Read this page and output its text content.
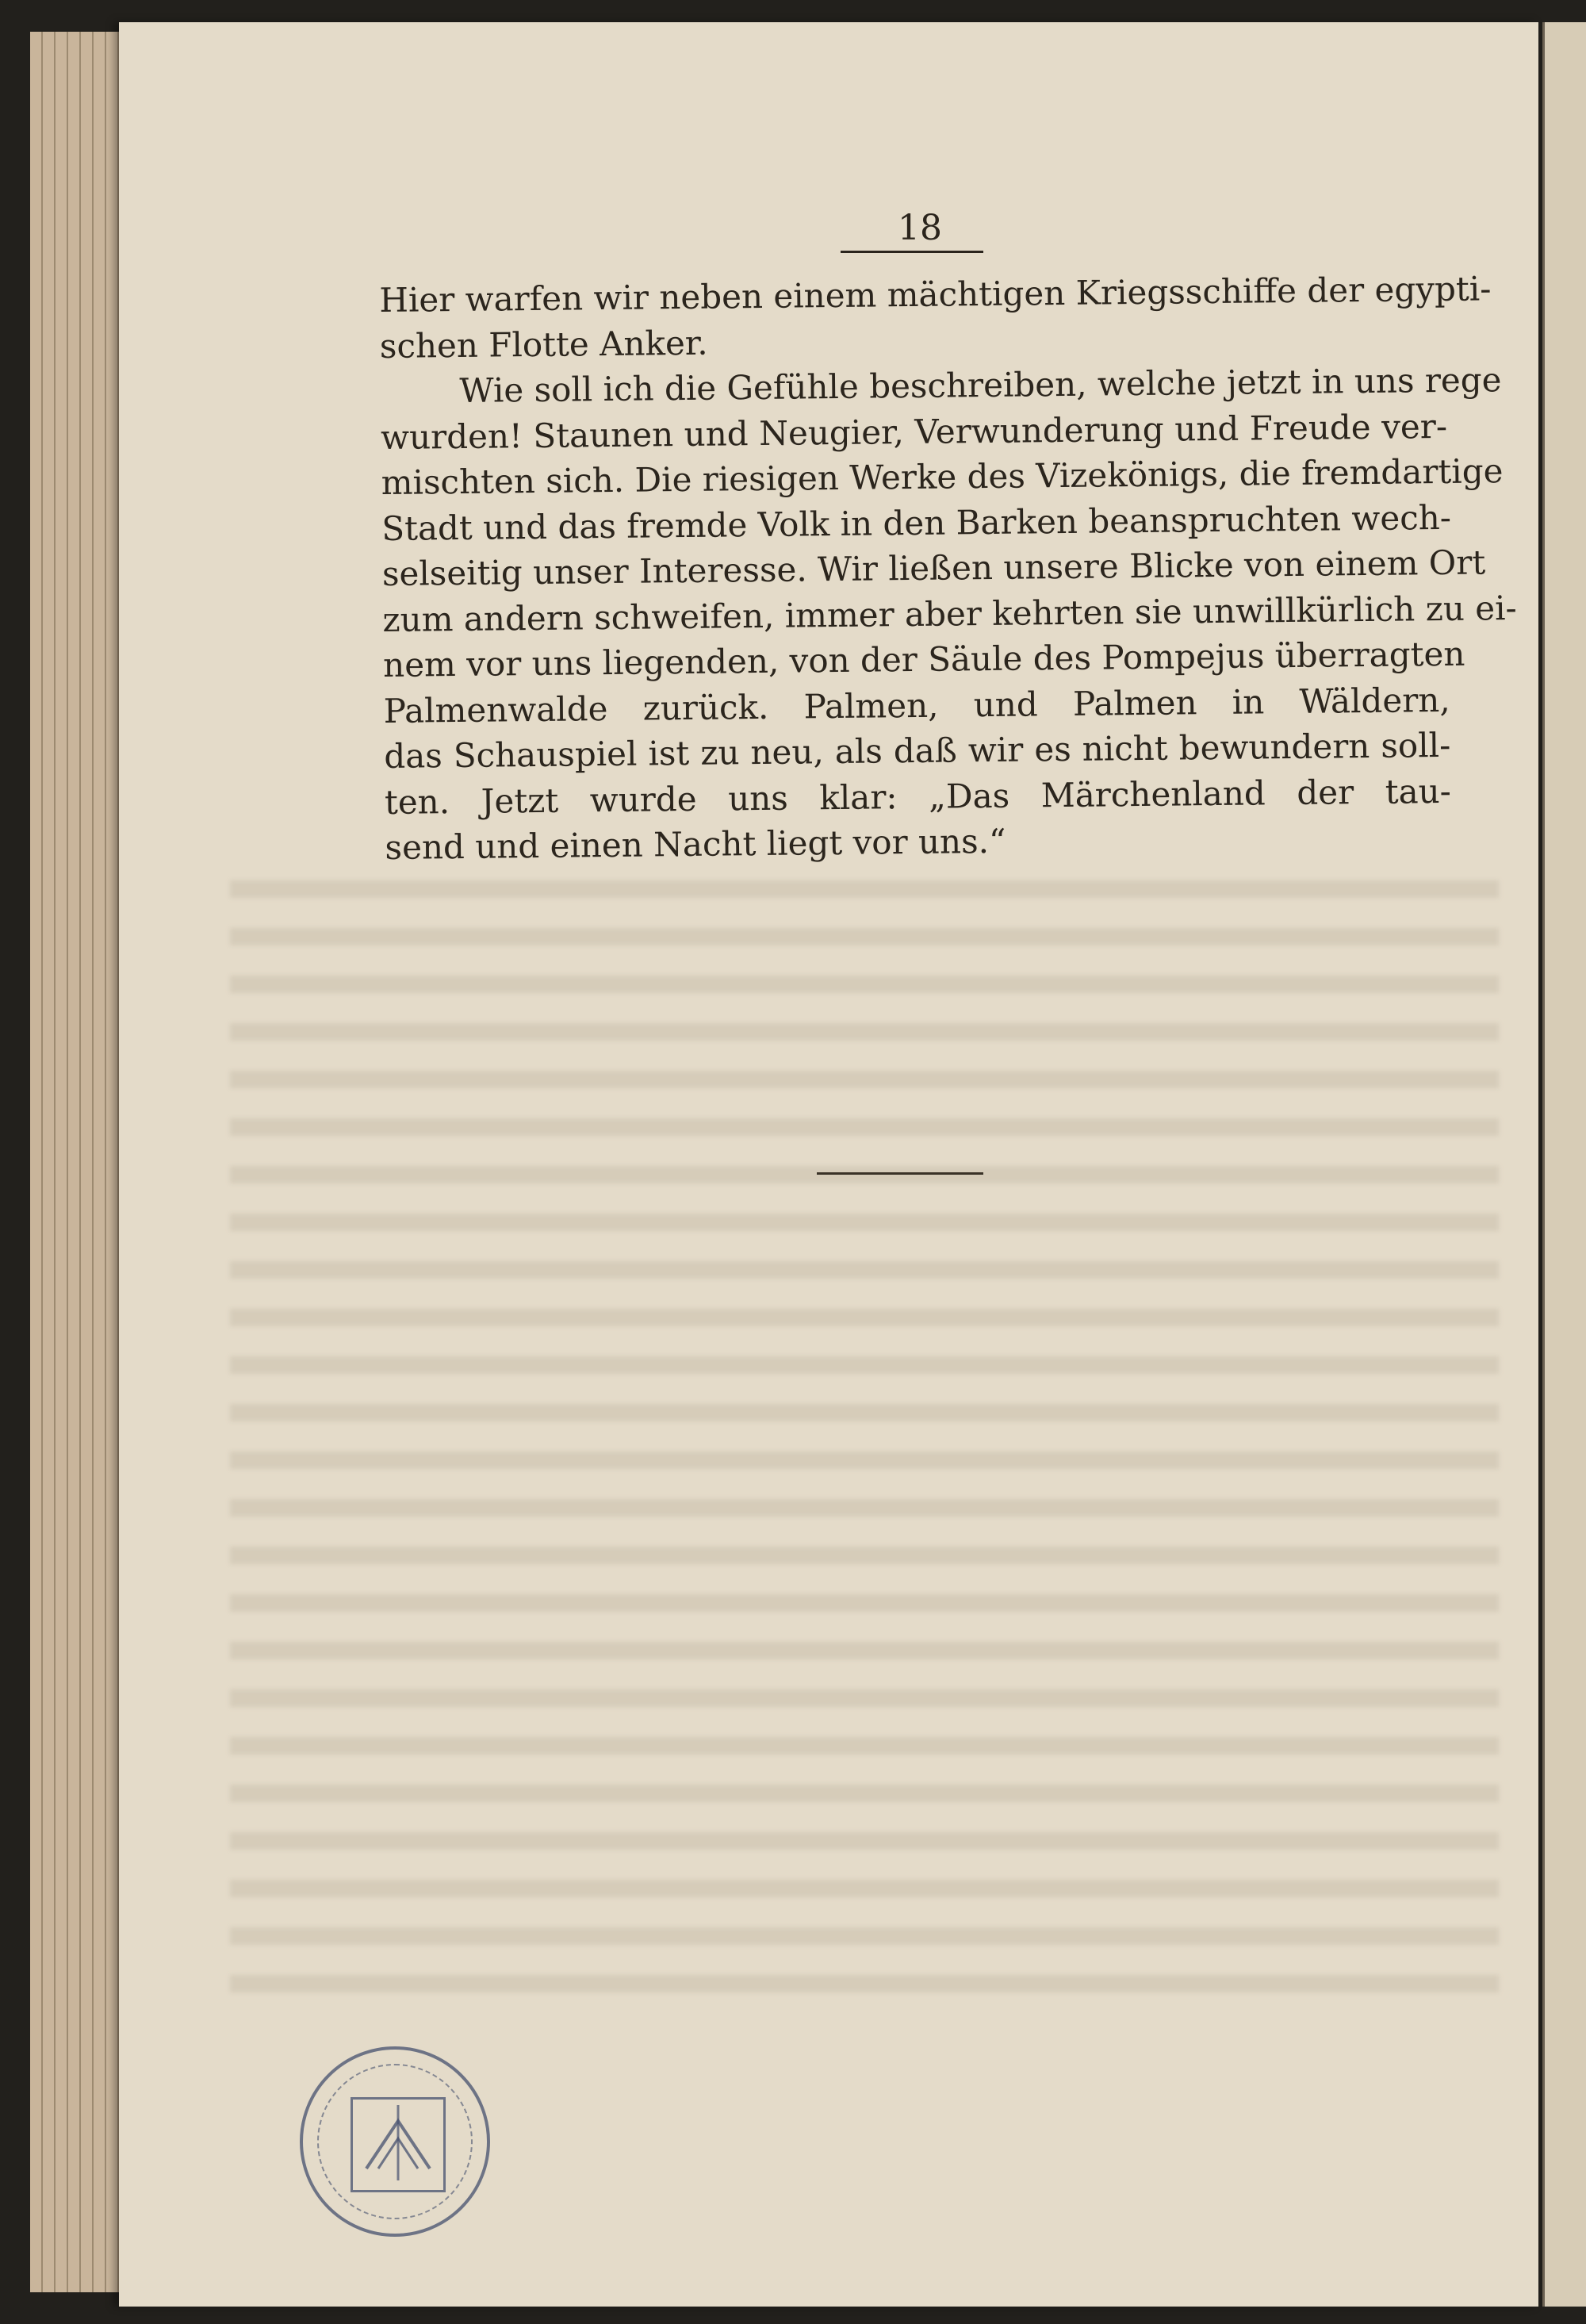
18
Hier warfen wir neben einem mächtigen Kriegsschiffe der egypti-
schen Flotte Anker.
Wie soll ich die Gefühle beschreiben, welche jetzt in uns rege
wurden! Staunen und Neugier, Verwunderung und Freude ver-
mischten sich. Die riesigen Werke des Vizekönigs, die fremdartige
Stadt und das fremde Volk in den Barken beanspruchten wech-
selseitig unser Interesse. Wir ließen unsere Blicke von einem Ort
zum andern schweifen, immer aber kehrten sie unwillkürlich zu ei-
nem vor uns liegenden, von der Säule des Pompejus überragten
Palmenwalde zurück. Palmen, und Palmen in Wäldern,
das Schauspiel ist zu neu, als daß wir es nicht bewundern soll-
ten. Jetzt wurde uns klar: „Das Märchenland der tau-
send und einen Nacht liegt vor uns.“
